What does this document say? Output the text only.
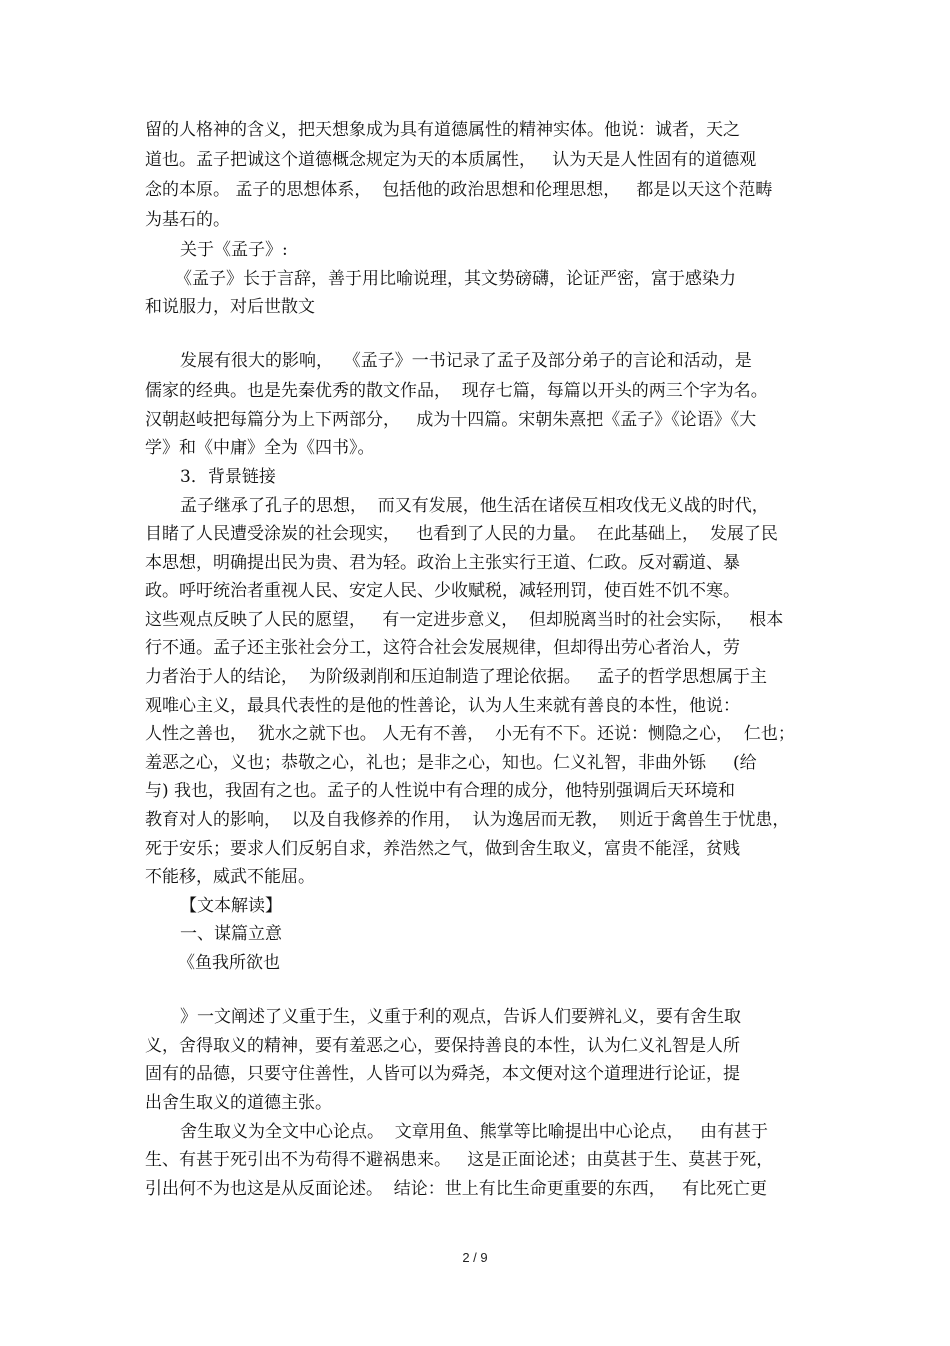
留的人格神的含义，把天想象成为具有道德属性的精神实体。他说：诚者，天之
道也。孟子把诚这个道德概念规定为天的本质属性，   认为天是人性固有的道德观
念的本原。 孟子的思想体系，  包括他的政治思想和伦理思想，   都是以天这个范畴
为基石的。
关于《孟子》:
《孟子》长于言辞，善于用比喻说理，其文势磅礴，论证严密，富于感染力
和说服力，对后世散文
发展有很大的影响，  《孟子》一书记录了孟子及部分弟子的言论和活动，是
儒家的经典。也是先秦优秀的散文作品，  现存七篇，每篇以开头的两三个字为名。
汉朝赵岐把每篇分为上下两部分，   成为十四篇。宋朝朱熹把《孟子》《论语》《大
学》和《中庸》全为《四书》。
3．背景链接
孟子继承了孔子的思想，  而又有发展，他生活在诸侯互相攻伐无义战的时代，
目睹了人民遭受涂炭的社会现实，   也看到了人民的力量。  在此基础上，  发展了民
本思想，明确提出民为贵、君为轻。政治上主张实行王道、仁政。反对霸道、暴
政。呼吁统治者重视人民、安定人民、少收赋税，减轻刑罚，使百姓不饥不寒。
这些观点反映了人民的愿望，   有一定进步意义，  但却脱离当时的社会实际，   根本
行不通。孟子还主张社会分工，这符合社会发展规律，但却得出劳心者治人，劳
力者治于人的结论，  为阶级剥削和压迫制造了理论依据。   孟子的哲学思想属于主
观唯心主义，最具代表性的是他的性善论，认为人生来就有善良的本性，他说：
人性之善也，  犹水之就下也。 人无有不善，  小无有不下。还说：恻隐之心，  仁也；
羞恶之心，义也；恭敬之心，礼也；是非之心，知也。仁义礼智，非曲外铄     (给
与) 我也，我固有之也。孟子的人性说中有合理的成分，他特别强调后天环境和
教育对人的影响，  以及自我修养的作用，  认为逸居而无教，  则近于禽兽生于忧患，
死于安乐；要求人们反躬自求，养浩然之气，做到舍生取义，富贵不能淫，贫贱
不能移，威武不能屈。
【文本解读】
一、谋篇立意
《鱼我所欲也
》一文阐述了义重于生，义重于利的观点，告诉人们要辨礼义，要有舍生取
义，舍得取义的精神，要有羞恶之心，要保持善良的本性，认为仁义礼智是人所
固有的品德，只要守住善性，人皆可以为舜尧，本文便对这个道理进行论证，提
出舍生取义的道德主张。
舍生取义为全文中心论点。  文章用鱼、熊掌等比喻提出中心论点，   由有甚于
生、有甚于死引出不为苟得不避祸患来。   这是正面论述；由莫甚于生、莫甚于死，
引出何不为也这是从反面论述。  结论：世上有比生命更重要的东西，   有比死亡更
2 / 9
